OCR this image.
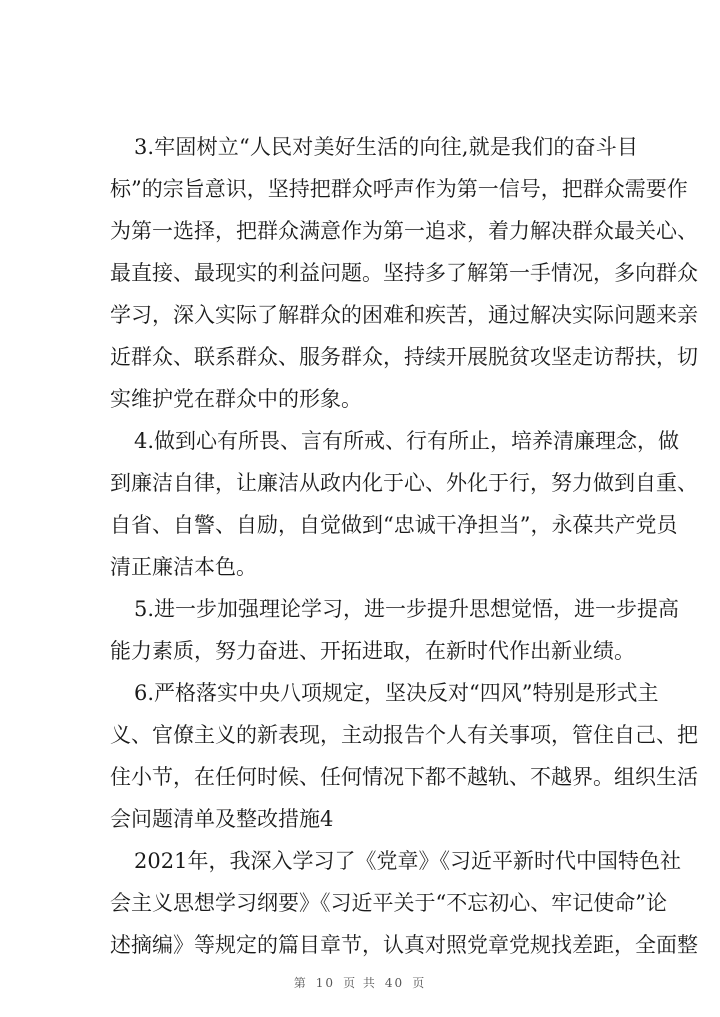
3.牢固树立“人民对美好生活的向往,就是我们的奋斗目
标”的宗旨意识，坚持把群众呼声作为第一信号，把群众需要作
为第一选择，把群众满意作为第一追求，着力解决群众最关心、
最直接、最现实的利益问题。坚持多了解第一手情况，多向群众
学习，深入实际了解群众的困难和疾苦，通过解决实际问题来亲
近群众、联系群众、服务群众，持续开展脱贫攻坚走访帮扶，切
实维护党在群众中的形象。
4.做到心有所畏、言有所戒、行有所止，培养清廉理念，做
到廉洁自律，让廉洁从政内化于心、外化于行，努力做到自重、
自省、自警、自励，自觉做到“忠诚干净担当”，永葆共产党员
清正廉洁本色。
5.进一步加强理论学习，进一步提升思想觉悟，进一步提高
能力素质，努力奋进、开拓进取，在新时代作出新业绩。
6.严格落实中央八项规定，坚决反对“四风”特别是形式主
义、官僚主义的新表现，主动报告个人有关事项，管住自己、把
住小节，在任何时候、任何情况下都不越轨、不越界。组织生活
会问题清单及整改措施4
2021年，我深入学习了《党章》《习近平新时代中国特色社
会主义思想学习纲要》《习近平关于“不忘初心、牢记使命”论
述摘编》等规定的篇目章节，认真对照党章党规找差距，全面整
第 10 页 共 40 页
